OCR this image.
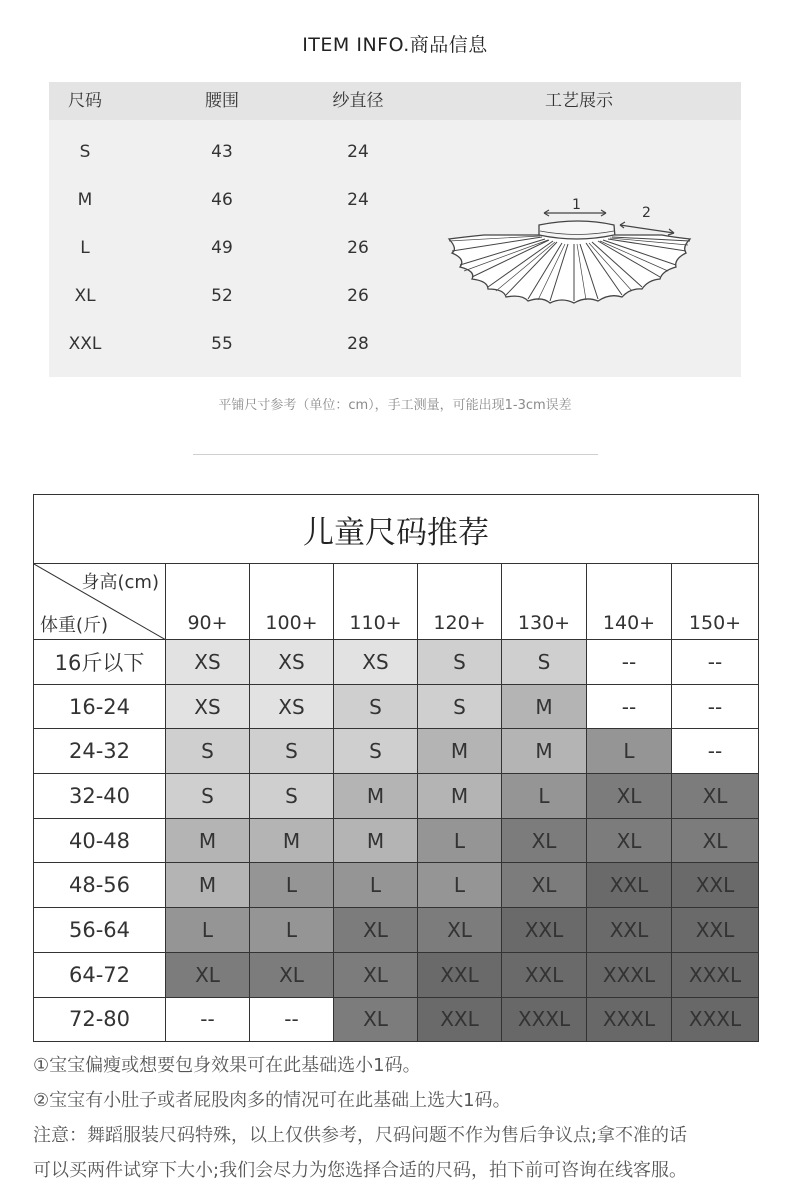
ITEM INFO.商品信息
尺码	腰围	纱直径	工艺展示
S	43	24
M	46	24
L	49	26
XL	52	26
XXL	55	28
1	2
平铺尺寸参考（单位：cm），手工测量，可能出现1-3cm误差
儿童尺码推荐							

身高(cm)
体重(斤)	90+	100+	110+	120+	130+	140+	150+
16斤以下	XS	XS	XS	S	S	--	--
16-24	XS	XS	S	S	M	--	--
24-32	S	S	S	M	M	L	--
32-40	S	S	M	M	L	XL	XL
40-48	M	M	M	L	XL	XL	XL
48-56	M	L	L	L	XL	XXL	XXL
56-64	L	L	XL	XL	XXL	XXL	XXL
64-72	XL	XL	XL	XXL	XXL	XXXL	XXXL
72-80	--	--	XL	XXL	XXXL	XXXL	XXXL
①宝宝偏瘦或想要包身效果可在此基础选小1码。
②宝宝有小肚子或者屁股肉多的情况可在此基础上选大1码。
注意：舞蹈服装尺码特殊，以上仅供参考，尺码问题不作为售后争议点;拿不准的话
可以买两件试穿下大小;我们会尽力为您选择合适的尺码，拍下前可咨询在线客服。
